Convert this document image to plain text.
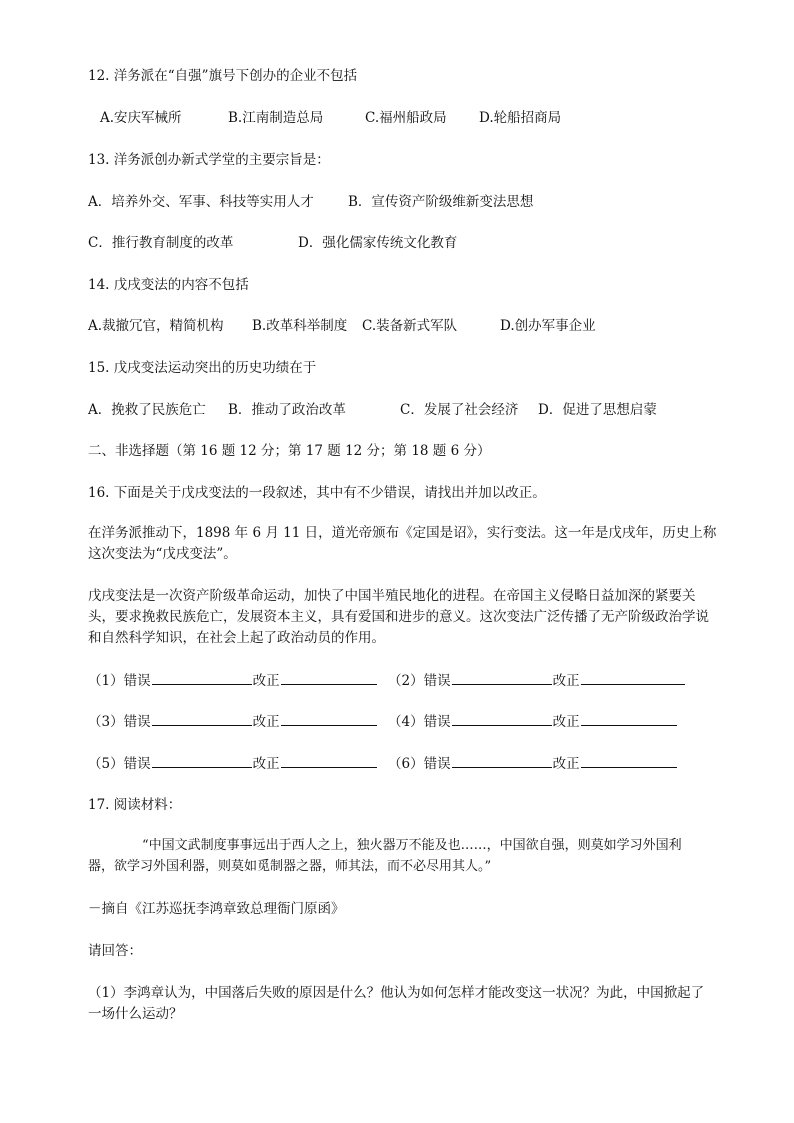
12. 洋务派在“自强”旗号下创办的企业不包括
A.安庆军械所	B.江南制造总局	C.福州船政局 D.轮船招商局
13. 洋务派创办新式学堂的主要宗旨是：
A．培养外交、军事、科技等实用人才	B．宣传资产阶级维新变法思想
C．推行教育制度的改革	D．强化儒家传统文化教育
14. 戊戌变法的内容不包括
A.裁撤冗官，精简机构 B.改革科举制度 C.装备新式军队	D.创办军事企业
15. 戊戌变法运动突出的历史功绩在于
A．挽救了民族危亡 B．推动了政治改革	C．发展了社会经济 D．促进了思想启蒙
二、非选择题（第 16 题 12 分；第 17 题 12 分；第 18 题 6 分）
16. 下面是关于戊戌变法的一段叙述，其中有不少错误，请找出并加以改正。
在洋务派推动下，1898 年 6 月 11 日，道光帝颁布《定国是诏》，实行变法。这一年是戊戌年，历史上称这次变法为“戊戌变法”。
戊戌变法是一次资产阶级革命运动，加快了中国半殖民地化的进程。在帝国主义侵略日益加深的紧要关头，要求挽救民族危亡，发展资本主义，具有爱国和进步的意义。这次变法广泛传播了无产阶级政治学说和自然科学知识，在社会上起了政治动员的作用。
（1）错误	改正	（2）错误	改正
（3）错误	改正	（4）错误	改正
（5）错误	改正	（6）错误	改正
17. 阅读材料：
“中国文武制度事事远出于西人之上，独火器万不能及也……，中国欲自强，则莫如学习外国利
器，欲学习外国利器，则莫如觅制器之器，师其法，而不必尽用其人。”
－摘自《江苏巡抚李鸿章致总理衙门原函》
请回答：
（1）李鸿章认为，中国落后失败的原因是什么？他认为如何怎样才能改变这一状况？为此，中国掀起了
一场什么运动？
